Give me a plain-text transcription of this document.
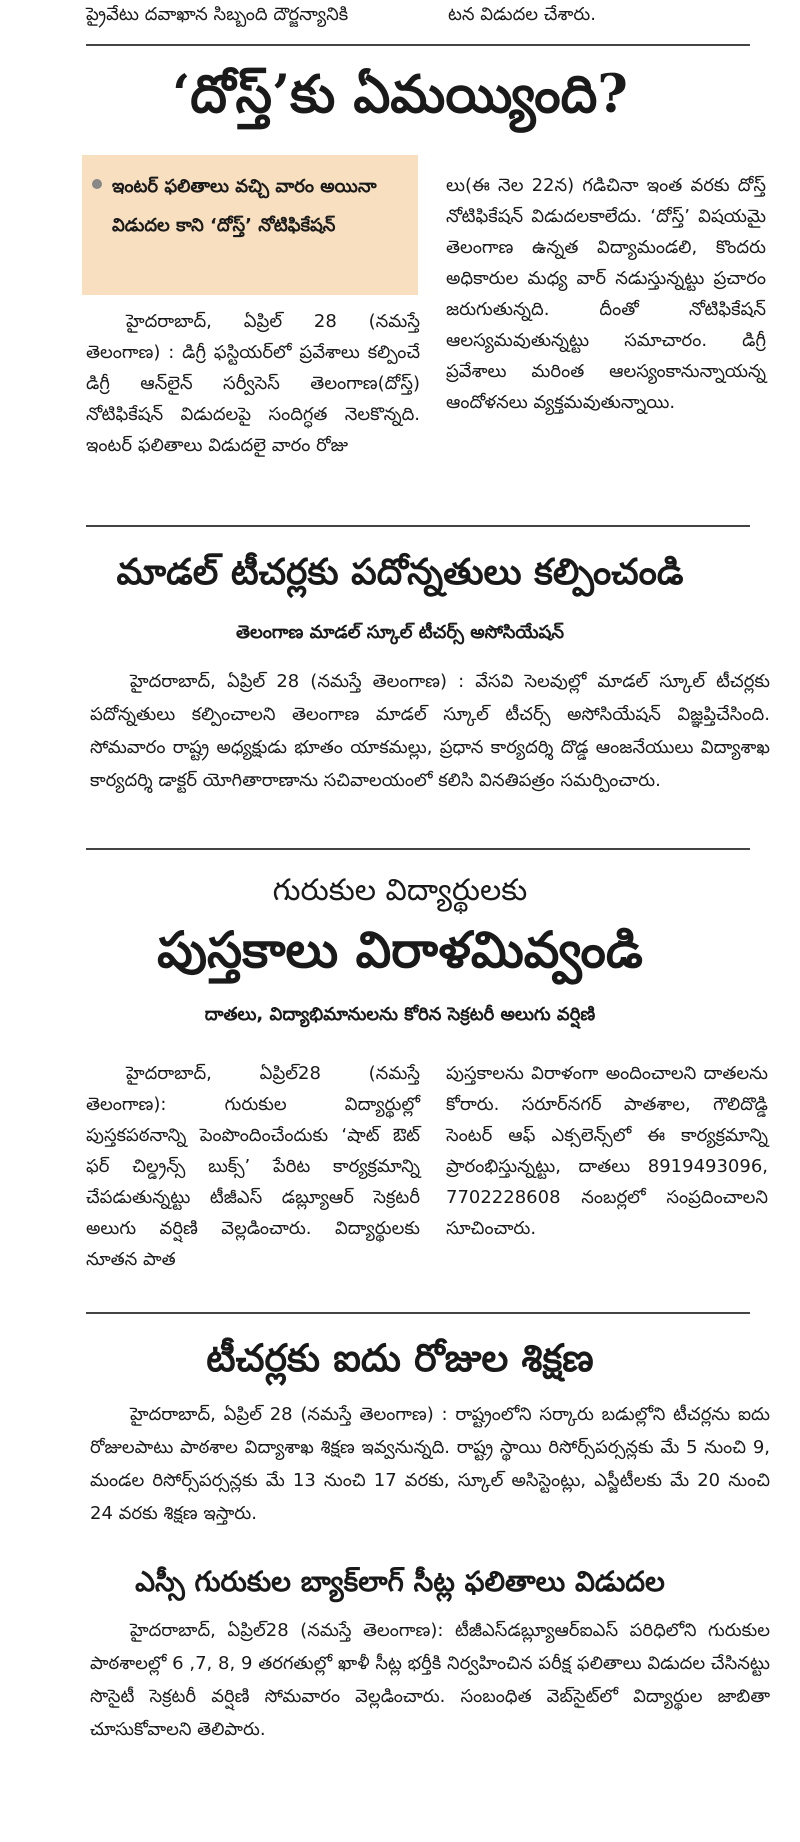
ప్రైవేటు దవాఖాన సిబ్బంది దౌర్జన్యానికి	టన విడుదల చేశారు.
‘దోస్త్’కు ఏమయ్యింది?

ఇంటర్ ఫలితాలు వచ్చి వారం అయినా విడుదల కాని ‘దోస్త్’ నోటిఫికేషన్

హైదరాబాద్, ఏప్రిల్ 28 (నమస్తే తెలంగాణ) : డిగ్రీ ఫస్టియర్‌లో ప్రవేశాలు కల్పించే డిగ్రీ ఆన్‌లైన్ సర్వీసెస్ తెలంగాణ(దోస్త్) నోటిఫికేషన్ విడుదలపై సందిగ్ధత నెలకొన్నది. ఇంటర్ ఫలితాలు విడుదలై వారం రోజు
లు(ఈ నెల 22న) గడిచినా ఇంత వరకు దోస్త్ నోటిఫికేషన్ విడుదలకాలేదు. ‘దోస్త్’ విషయమై తెలంగాణ ఉన్నత విద్యామండలి, కొందరు అధికారుల మధ్య వార్ నడుస్తున్నట్టు ప్రచారం జరుగుతున్నది. దీంతో నోటిఫికేషన్ ఆలస్యమవుతున్నట్టు సమాచారం. డిగ్రీ ప్రవేశాలు మరింత ఆలస్యంకానున్నాయన్న ఆందోళనలు వ్యక్తమవుతున్నాయి.
మాడల్ టీచర్లకు పదోన్నతులు కల్పించండి
తెలంగాణ మాడల్ స్కూల్ టీచర్స్ అసోసియేషన్
హైదరాబాద్, ఏప్రిల్ 28 (నమస్తే తెలంగాణ) : వేసవి సెలవుల్లో మాడల్ స్కూల్ టీచర్లకు పదోన్నతులు కల్పించాలని తెలంగాణ మాడల్ స్కూల్ టీచర్స్ అసోసియేషన్ విజ్ఞప్తిచేసింది. సోమవారం రాష్ట్ర అధ్యక్షుడు భూతం యాకమల్లు, ప్రధాన కార్యదర్శి దొడ్డ ఆంజనేయులు విద్యాశాఖ కార్యదర్శి డాక్టర్ యోగితారాణాను సచివాలయంలో కలిసి వినతిపత్రం సమర్పించారు.
గురుకుల విద్యార్థులకు
పుస్తకాలు విరాళమివ్వండి
దాతలు, విద్యాభిమానులను కోరిన సెక్రటరీ అలుగు వర్షిణి
హైదరాబాద్, ఏప్రిల్28 (నమస్తే తెలంగాణ): గురుకుల విద్యార్థుల్లో పుస్తకపఠనాన్ని పెంపొందించేందుకు ‘షాట్ ఔట్ ఫర్ చిల్డ్రన్స్ బుక్స్’ పేరిట కార్యక్రమాన్ని చేపడుతున్నట్టు టీజీఎస్ డబ్ల్యూఆర్ సెక్రటరీ అలుగు వర్షిణి వెల్లడించారు. విద్యార్థులకు నూతన పాత
పుస్తకాలను విరాళంగా అందించాలని దాతలను కోరారు. సరూర్‌నగర్ పాతశాల, గౌలిదొడ్డి సెంటర్ ఆఫ్ ఎక్సలెన్స్‌లో ఈ కార్యక్రమాన్ని ప్రారంభిస్తున్నట్టు, దాతలు 8919493096, 7702228608 నంబర్లలో సంప్రదించాలని సూచించారు.
టీచర్లకు ఐదు రోజుల శిక్షణ
హైదరాబాద్, ఏప్రిల్ 28 (నమస్తే తెలంగాణ) : రాష్ట్రంలోని సర్కారు బడుల్లోని టీచర్లను ఐదు రోజులపాటు పాఠశాల విద్యాశాఖ శిక్షణ ఇవ్వనున్నది. రాష్ట్ర స్థాయి రిసోర్స్‌పర్సన్లకు మే 5 నుంచి 9, మండల రిసోర్స్‌పర్సన్లకు మే 13 నుంచి 17 వరకు, స్కూల్ అసిస్టెంట్లు, ఎస్జీటీలకు మే 20 నుంచి 24 వరకు శిక్షణ ఇస్తారు.
ఎస్సీ గురుకుల బ్యాక్‌లాగ్ సీట్ల ఫలితాలు విడుదల
హైదరాబాద్, ఏప్రిల్28 (నమస్తే తెలంగాణ): టీజీఎస్‌డబ్ల్యూఆర్‌ఐఎస్ పరిధిలోని గురుకుల పాఠశాలల్లో 6 ,7, 8, 9 తరగతుల్లో ఖాళీ సీట్ల భర్తీకి నిర్వహించిన పరీక్ష ఫలితాలు విడుదల చేసినట్టు సొసైటీ సెక్రటరీ వర్షిణి సోమవారం వెల్లడించారు. సంబంధిత వెబ్‌సైట్‌లో విద్యార్థుల జాబితా చూసుకోవాలని తెలిపారు.
